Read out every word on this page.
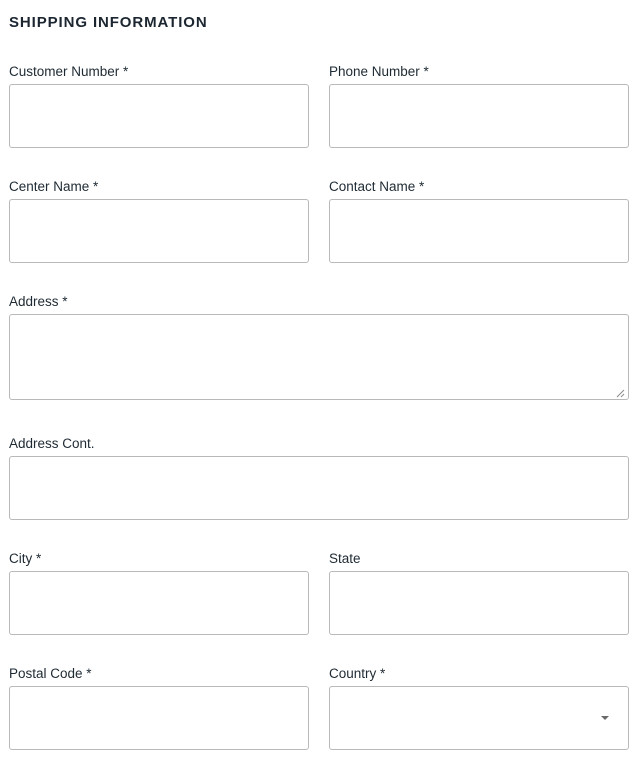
SHIPPING INFORMATION
Customer Number *	Phone Number *
Center Name *	Contact Name *
Address *
Address Cont.
City *	State
Postal Code *	Country *
